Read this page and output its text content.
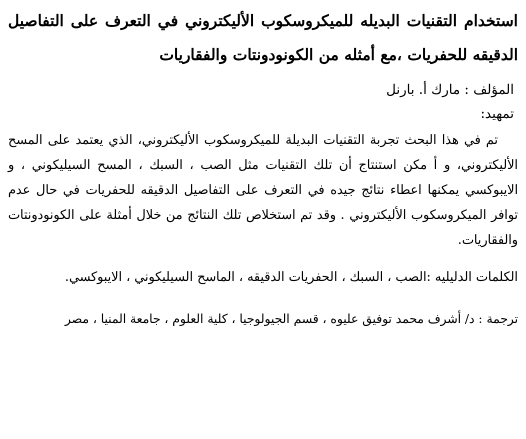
استخدام التقنيات البديله للميكروسكوب الأليكتروني في التعرف على التفاصيل الدقيقه للحفريات ،مع أمثله من الكونودونتات والفقاريات

المؤلف : مارك أ. بارنل

تمهيد:

تم في هذا البحث تجربة التقنيات البديلة للميكروسكوب الأليكتروني، الذي يعتمد على المسح الأليكتروني، و أ مكن استنتاج أن تلك التقنيات مثل الصب ، السبك ، المسح السيليكوني ، و الايبوكسي يمكنها اعطاء نتائج جيده في التعرف على التفاصيل الدقيقه للحفريات في حال عدم توافر الميكروسكوب الأليكتروني . وقد تم استخلاص تلك النتائج من خلال أمثلة على الكونودونتات والفقاريات.

الكلمات الدليليه :الصب ، السبك ، الحفريات الدقيقه ، الماسح السيليكوني ، الايبوكسي.

ترجمة : د/ أشرف محمد توفيق عليوه ، قسم الجيولوجيا ، كلية العلوم ، جامعة المنيا ، مصر
